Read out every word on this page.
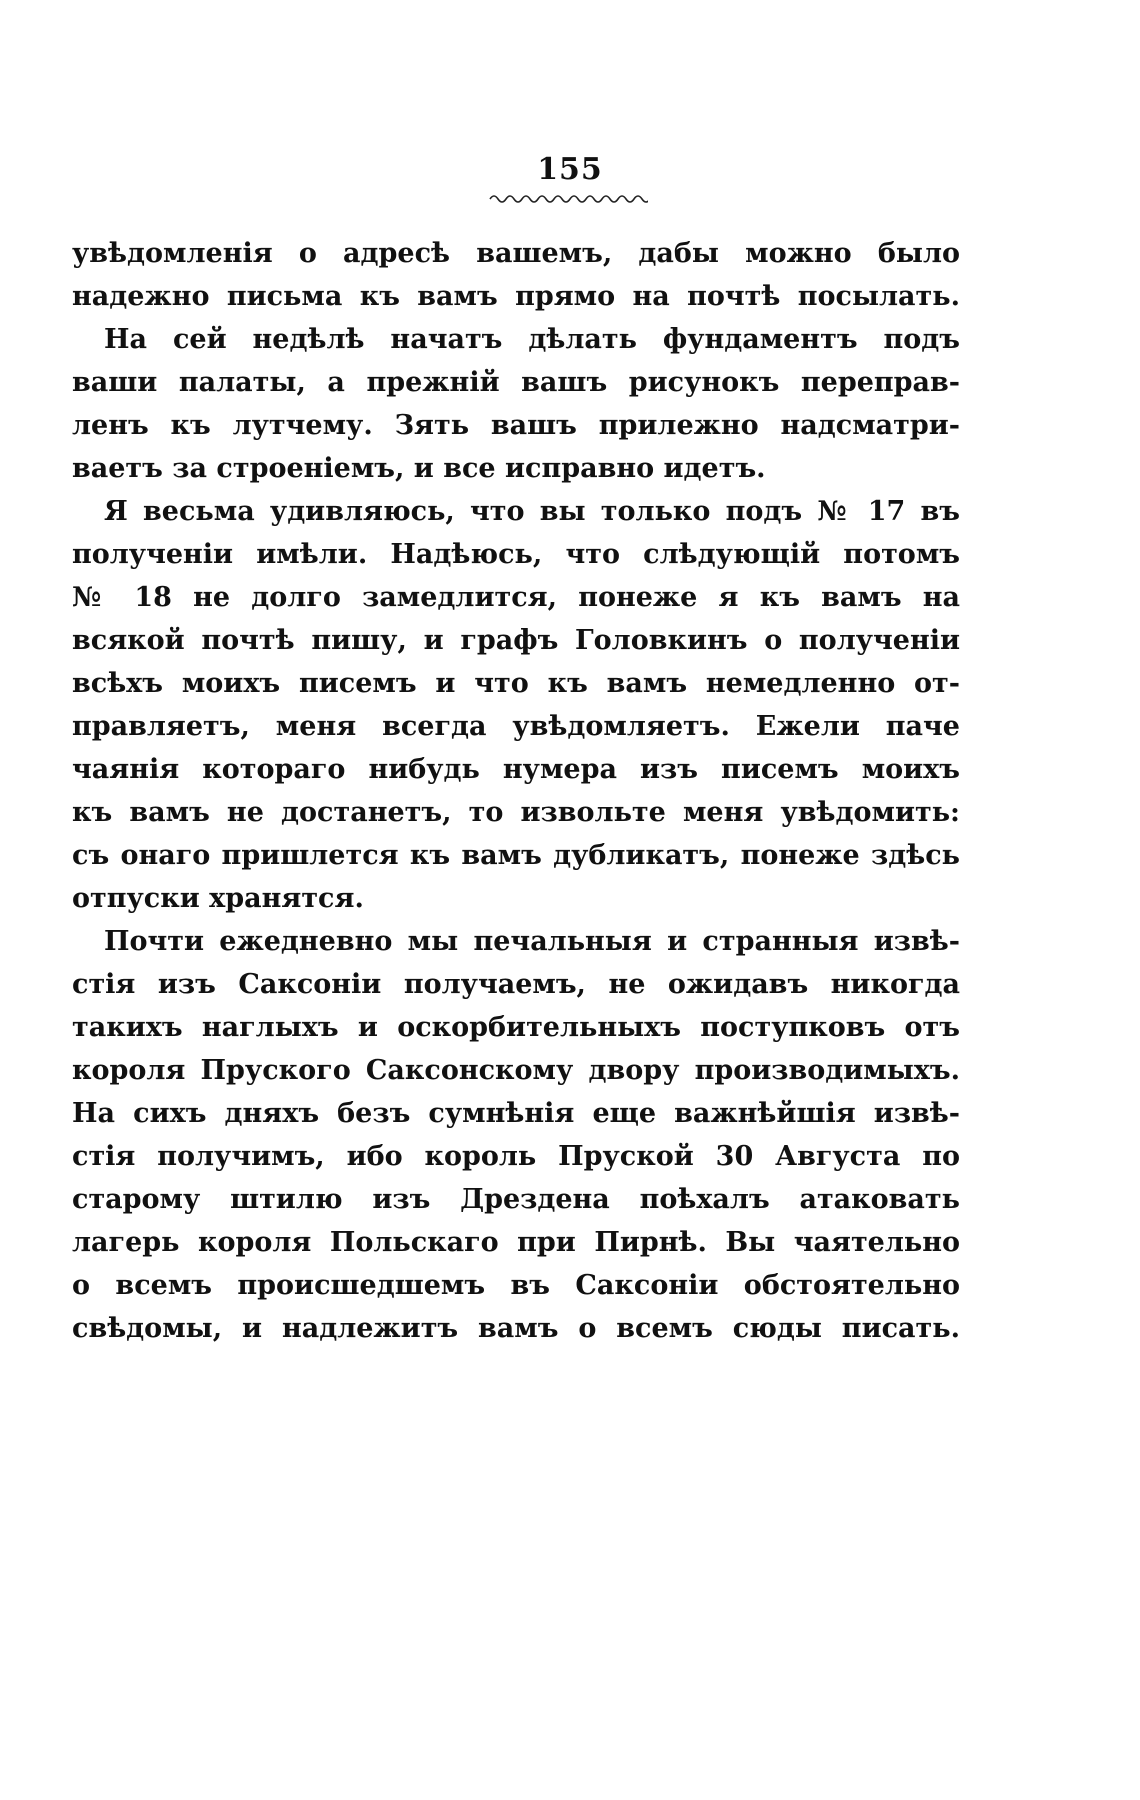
155
увѣдомленія о адресѣ вашемъ, дабы можно было
надежно письма къ вамъ прямо на почтѣ посылать.
На сей недѣлѣ начатъ дѣлать фундаментъ подъ
ваши палаты, а прежній вашъ рисунокъ переправ-
ленъ къ лутчему. Зять вашъ прилежно надсматри-
ваетъ за строеніемъ, и все исправно идетъ.
Я весьма удивляюсь, что вы только подъ № 17 въ
полученіи имѣли. Надѣюсь, что слѣдующій потомъ
№ 18 не долго замедлится, понеже я къ вамъ на
всякой почтѣ пишу, и графъ Головкинъ о полученіи
всѣхъ моихъ писемъ и что къ вамъ немедленно от-
правляетъ, меня всегда увѣдомляетъ. Ежели паче
чаянія котораго нибудь нумера изъ писемъ моихъ
къ вамъ не достанетъ, то извольте меня увѣдомить:
съ онаго пришлется къ вамъ дубликатъ, понеже здѣсь
отпуски хранятся.
Почти ежедневно мы печальныя и странныя извѣ-
стія изъ Саксоніи получаемъ, не ожидавъ никогда
такихъ наглыхъ и оскорбительныхъ поступковъ отъ
короля Пруского Саксонскому двору производимыхъ.
На сихъ дняхъ безъ сумнѣнія еще важнѣйшія извѣ-
стія получимъ, ибо король Пруской 30 Августа по
старому штилю изъ Дрездена поѣхалъ атаковать
лагерь короля Польскаго при Пирнѣ. Вы чаятельно
о всемъ происшедшемъ въ Саксоніи обстоятельно
свѣдомы, и надлежитъ вамъ о всемъ сюды писать.
